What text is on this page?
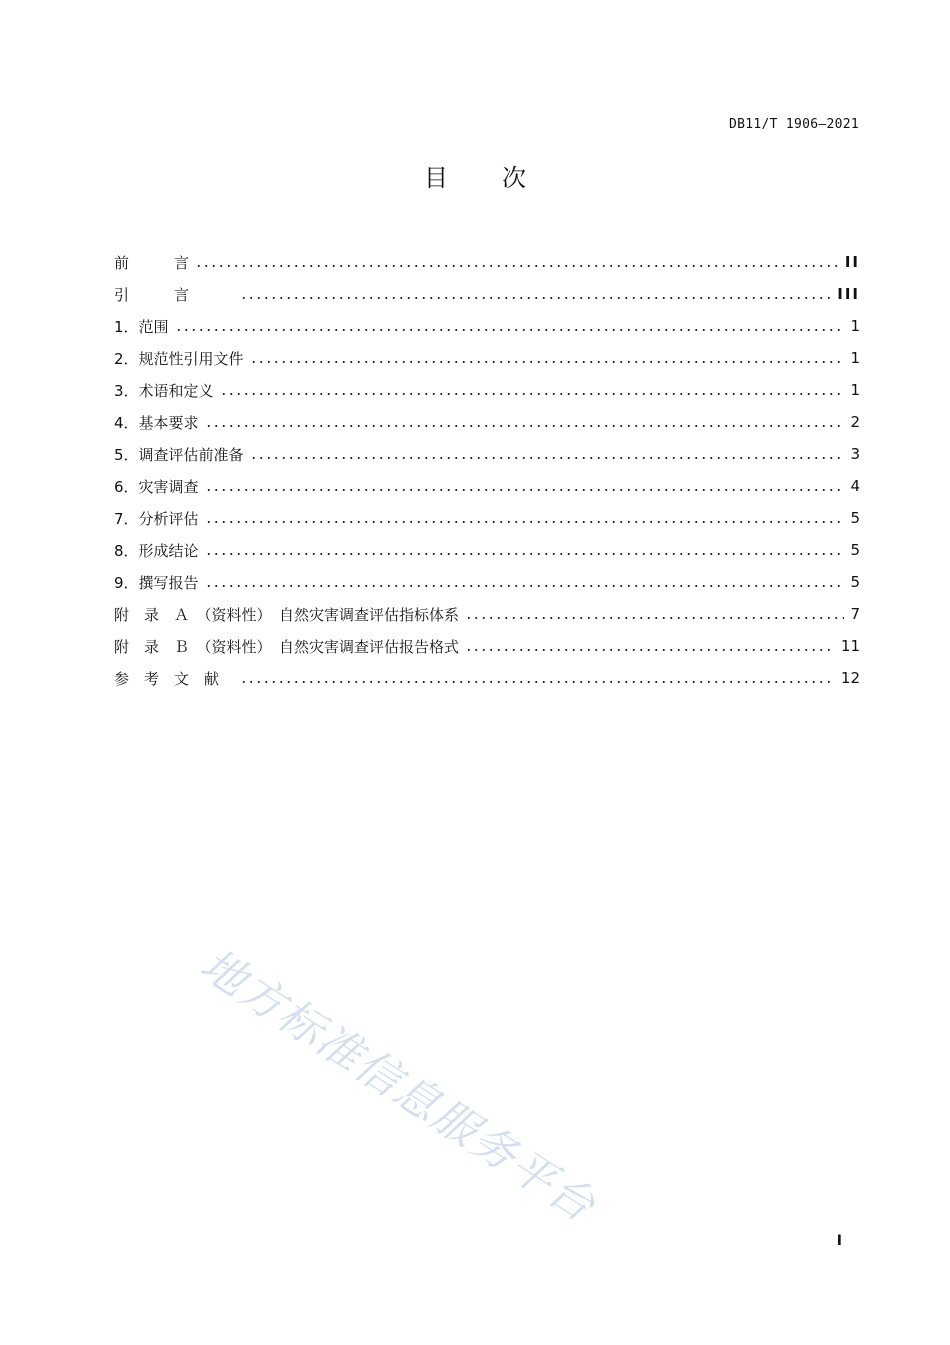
DB11/T 1906—2021
目 次
前　　　言	II
引　　　言　　　	III
1．范围	1
2．规范性引用文件	1
3．术语和定义	1
4．基本要求	2
5．调查评估前准备	3
6．灾害调查	4
7．分析评估	5
8．形成结论	5
9．撰写报告	5
附　录　Ａ　（资料性）　自然灾害调查评估指标体系	7
附　录　Ｂ　（资料性）　自然灾害调查评估报告格式	11
参　考　文　献　	12
地方标准信息服务平台
I
